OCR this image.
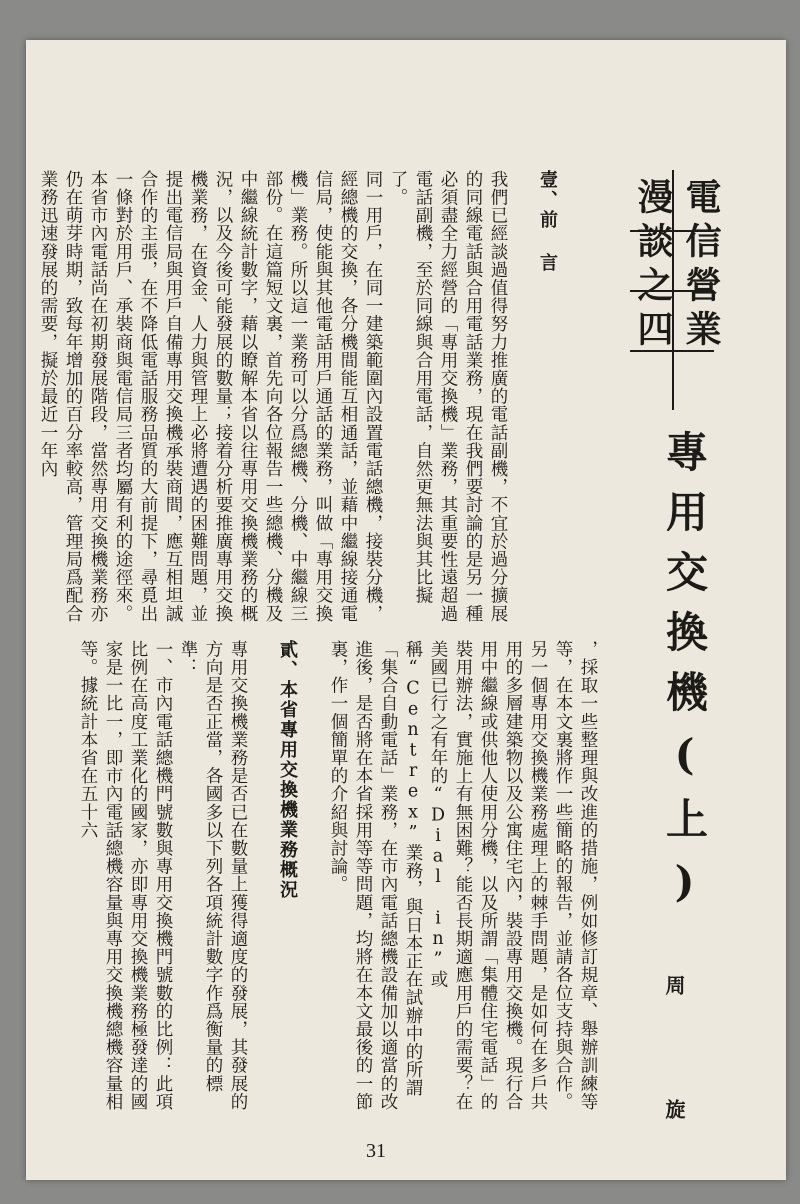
電信營業
漫談之四
專用交換機(上)
周 旋

壹、前 言

我們已經談過值得努力推廣的電話副機，不宜於過分擴展的同線電話與合用電話業務，現在我們要討論的是另一種必須盡全力經營的「專用交換機」業務，其重要性遠超過電話副機，至於同線與合用電話，自然更無法與其比擬了。
同一用戶，在同一建築範圍內設置電話總機，接裝分機，經總機的交換，各分機間能互相通話，並藉中繼線接通電信局，使能與其他電話用戶通話的業務，叫做「專用交換機」業務。所以這一業務可以分爲總機、分機、中繼線三部份。在這篇短文裏，首先向各位報告一些總機、分機及中繼線統計數字，藉以瞭解本省以往專用交換機業務的概況，以及今後可能發展的數量；接着分析要推廣專用交換機業務，在資金、人力與管理上必將遭遇的困難問題，並提出電信局與用戶自備專用交換機承裝商間，應互相坦誠合作的主張，在不降低電話服務品質的大前提下，尋覓出一條對於用戶、承裝商與電信局三者均屬有利的途徑來。
本省市內電話尚在初期發展階段，當然專用交換機業務亦仍在萌芽時期，致每年增加的百分率較高，管理局爲配合業務迅速發展的需要，擬於最近一年內

，採取一些整理與改進的措施，例如修訂規章、舉辦訓練等等，在本文裏將作一些簡略的報告，並請各位支持與合作。
另一個專用交換機業務處理上的棘手問題，是如何在多戶共用的多層建築物以及公寓住宅內，裝設專用交換機。現行合用中繼線或供他人使用分機，以及所謂「集體住宅電話」的裝用辦法，實施上有無困難？能否長期適應用戶的需要？在美國已行之有年的“Dial in”或稱“Centrex”業務，與日本正在試辦中的所謂「集合自動電話」業務，在市內電話總機設備加以適當的改進後，是否將在本省採用等等問題，均將在本文最後的一節裏，作一個簡單的介紹與討論。

貳、本省專用交換機業務概況

專用交換機業務是否已在數量上獲得適度的發展，其發展的方向是否正當，各國多以下列各項統計數字作爲衡量的標準：
一、市內電話總機門號數與專用交換機門號數的比例：此項比例在高度工業化的國家，亦即專用交換機業務極發達的國家是一比一，即市內電話總機容量與專用交換機總機容量相等。據統計本省在五十六

31
